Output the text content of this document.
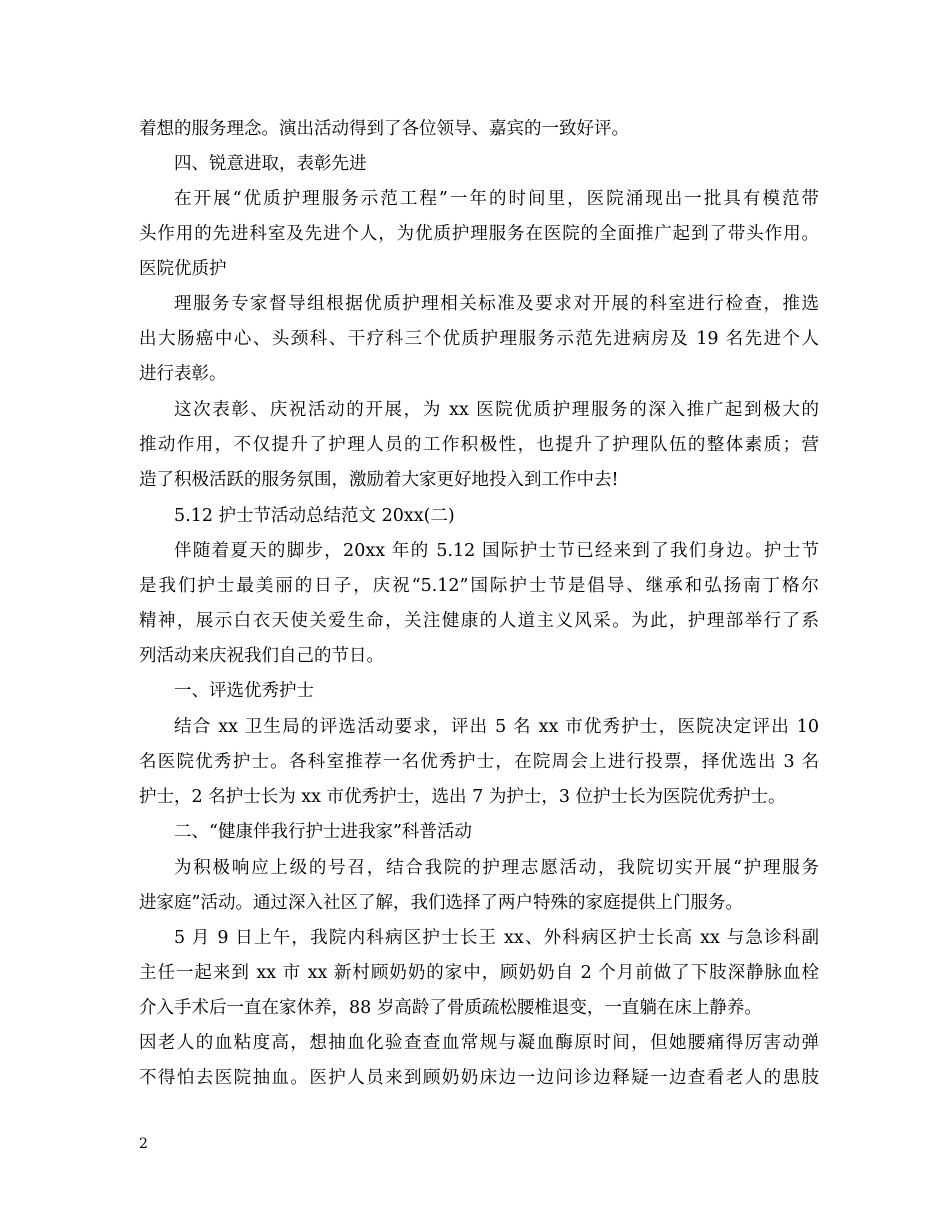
着想的服务理念。演出活动得到了各位领导、嘉宾的一致好评。
四、锐意进取，表彰先进
在开展“优质护理服务示范工程”一年的时间里，医院涌现出一批具有模范带
头作用的先进科室及先进个人，为优质护理服务在医院的全面推广起到了带头作用。
医院优质护
理服务专家督导组根据优质护理相关标准及要求对开展的科室进行检查，推选
出大肠癌中心、头颈科、干疗科三个优质护理服务示范先进病房及 19 名先进个人
进行表彰。
这次表彰、庆祝活动的开展，为 xx 医院优质护理服务的深入推广起到极大的
推动作用，不仅提升了护理人员的工作积极性，也提升了护理队伍的整体素质；营
造了积极活跃的服务氛围，激励着大家更好地投入到工作中去!
5.12 护士节活动总结范文 20xx(二)
伴随着夏天的脚步，20xx 年的 5.12 国际护士节已经来到了我们身边。护士节
是我们护士最美丽的日子，庆祝“5.12”国际护士节是倡导、继承和弘扬南丁格尔
精神，展示白衣天使关爱生命，关注健康的人道主义风采。为此，护理部举行了系
列活动来庆祝我们自己的节日。
一、评选优秀护士
结合 xx 卫生局的评选活动要求，评出 5 名 xx 市优秀护士，医院决定评出 10
名医院优秀护士。各科室推荐一名优秀护士，在院周会上进行投票，择优选出 3 名
护士，2 名护士长为 xx 市优秀护士，选出 7 为护士，3 位护士长为医院优秀护士。
二、“健康伴我行护士进我家”科普活动
为积极响应上级的号召，结合我院的护理志愿活动，我院切实开展“护理服务
进家庭”活动。通过深入社区了解，我们选择了两户特殊的家庭提供上门服务。
5 月 9 日上午，我院内科病区护士长王 xx、外科病区护士长高 xx 与急诊科副
主任一起来到 xx 市 xx 新村顾奶奶的家中，顾奶奶自 2 个月前做了下肢深静脉血栓
介入手术后一直在家休养，88 岁高龄了骨质疏松腰椎退变，一直躺在床上静养。
因老人的血粘度高，想抽血化验查查血常规与凝血酶原时间，但她腰痛得厉害动弹
不得怕去医院抽血。医护人员来到顾奶奶床边一边问诊边释疑一边查看老人的患肢
2
